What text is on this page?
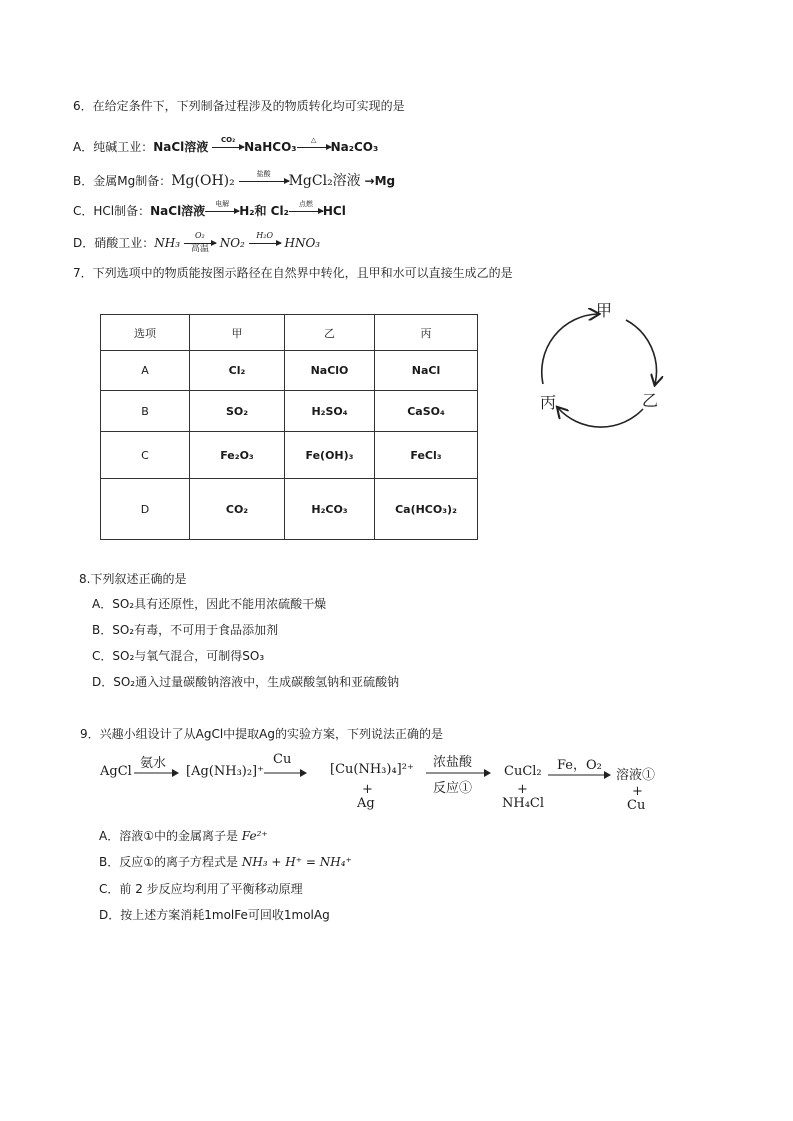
6．在给定条件下，下列制备过程涉及的物质转化均可实现的是
A．纯碱工业：NaCl溶液	CO₂ NaHCO₃	△	Na₂CO₃
B．金属Mg制备：Mg(OH)₂	盐酸	MgCl₂溶液 →Mg
C．HCl制备：NaCl溶液	电解 H₂和 Cl₂	点燃 HCl
D．硝酸工业：NH₃
O₂
高温 NO₂
H₂O
HNO₃
7．下列选项中的物质能按图示路径在自然界中转化，且甲和水可以直接生成乙的是
选项	甲	乙	丙
A	Cl₂	NaClO	NaCl
B	SO₂	H₂SO₄	CaSO₄
C	Fe₂O₃	Fe(OH)₃	FeCl₃
D	CO₂	H₂CO₃	Ca(HCO₃)₂
甲
乙
丙
8.下列叙述正确的是
A．SO₂具有还原性，因此不能用浓硫酸干燥
B．SO₂有毒，不可用于食品添加剂
C．SO₂与氧气混合，可制得SO₃
D．SO₂通入过量碳酸钠溶液中，生成碳酸氢钠和亚硫酸钠
9．兴趣小组设计了从AgCl中提取Ag的实验方案，下列说法正确的是
AgCl
氨水
[Ag(NH₃)₂]⁺
Cu
[Cu(NH₃)₄]²⁺
+
Ag
浓盐酸
反应①
CuCl₂
+
NH₄Cl
Fe，O₂
溶液①
+
Cu
A．溶液①中的金属离子是 Fe²⁺
B．反应①的离子方程式是 NH₃ + H⁺ = NH₄⁺
C．前 2 步反应均利用了平衡移动原理
D．按上述方案消耗1molFe可回收1molAg
